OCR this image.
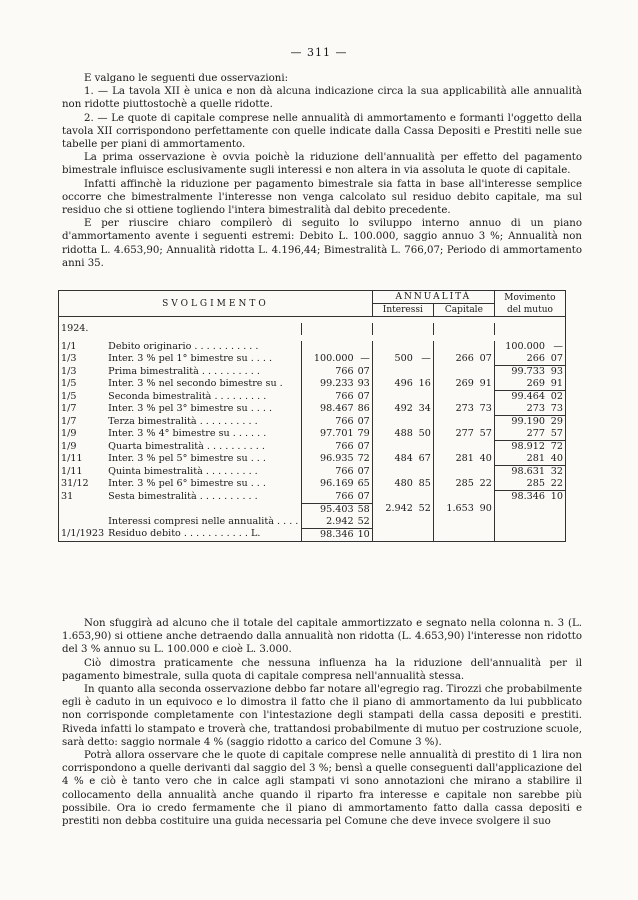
— 311 —

E valgano le seguenti due osservazioni:

1. — La tavola XII è unica e non dà alcuna indicazione circa la sua applicabilità alle annualità non ridotte piuttostochè a quelle ridotte.

2. — Le quote di capitale comprese nelle annualità di ammortamento e formanti l'oggetto della tavola XII corrispondono perfettamente con quelle indicate dalla Cassa Depositi e Prestiti nelle sue tabelle per piani di ammortamento.

La prima osservazione è ovvia poichè la riduzione dell'annualità per effetto del pagamento bimestrale influisce esclusivamente sugli interessi e non altera in via assoluta le quote di capitale.

Infatti affinchè la riduzione per pagamento bimestrale sia fatta in base all'interesse semplice occorre che bimestralmente l'interesse non venga calcolato sul residuo debito capitale, ma sul residuo che si ottiene togliendo l'intera bimestralità dal debito precedente.

E per riuscire chiaro compilerò di seguito lo sviluppo interno annuo di un piano d'ammortamento avente i seguenti estremi: Debito L. 100.000, saggio annuo 3 %; Annualità non ridotta L. 4.653,90; Annualità ridotta L. 4.196,44; Bimestralità L. 766,07; Periodo di ammortamento anni 35.

SVOLGIMENTO				ANNUALITÀ				Movimento del mutuo	
				Interessi		Capitale			

1924.									

1/1	Debito originario . . . . . . . . . . .							100.000	—
1/3	Inter. 3 % pel 1° bimestre su . . . .	100.000	—	500	—	266	07	266	07
1/3	Prima bimestralità . . . . . . . . . .	766	07					99.733	93
1/5	Inter. 3 % nel secondo bimestre su .	99.233	93	496	16	269	91	269	91
1/5	Seconda bimestralità . . . . . . . . .	766	07					99.464	02
1/7	Inter. 3 % pel 3° bimestre su . . . .	98.467	86	492	34	273	73	273	73
1/7	Terza bimestralità . . . . . . . . . .	766	07					99.190	29
1/9	Inter. 3 % 4° bimestre su . . . . . .	97.701	79	488	50	277	57	277	57
1/9	Quarta bimestralità . . . . . . . . . .	766	07					98.912	72
1/11	Inter. 3 % pel 5° bimestre su . . .	96.935	72	484	67	281	40	281	40
1/11	Quinta bimestralità . . . . . . . . .	766	07					98.631	32
31/12	Inter. 3 % pel 6° bimestre su . . .	96.169	65	480	85	285	22	285	22
31	Sesta bimestralità . . . . . . . . . .	766	07					98.346	10
		95.403	58	2.942	52	1.653	90		
	Interessi compresi nelle annualità . . . .	2.942	52						
1/1/1923	Residuo debito . . . . . . . . . . . L.	98.346	10						

Non sfuggirà ad alcuno che il totale del capitale ammortizzato e segnato nella colonna n. 3 (L. 1.653,90) si ottiene anche detraendo dalla annualità non ridotta (L. 4.653,90) l'interesse non ridotto del 3 % annuo su L. 100.000 e cioè L. 3.000.

Ciò dimostra praticamente che nessuna influenza ha la riduzione dell'annualità per il pagamento bimestrale, sulla quota di capitale compresa nell'annualità stessa.

In quanto alla seconda osservazione debbo far notare all'egregio rag. Tirozzi che probabilmente egli è caduto in un equivoco e lo dimostra il fatto che il piano di ammortamento da lui pubblicato non corrisponde completamente con l'intestazione degli stampati della cassa depositi e prestiti. Riveda infatti lo stampato e troverà che, trattandosi probabilmente di mutuo per costruzione scuole, sarà detto: saggio normale 4 % (saggio ridotto a carico del Comune 3 %).

Potrà allora osservare che le quote di capitale comprese nelle annualità di prestito di 1 lira non corrispondono a quelle derivanti dal saggio del 3 %; bensì a quelle conseguenti dall'applicazione del 4 % e ciò è tanto vero che in calce agli stampati vi sono annotazioni che mirano a stabilire il collocamento della annualità anche quando il riparto fra interesse e capitale non sarebbe più possibile. Ora io credo fermamente che il piano di ammortamento fatto dalla cassa depositi e prestiti non debba costituire una guida necessaria pel Comune che deve invece svolgere il suo
